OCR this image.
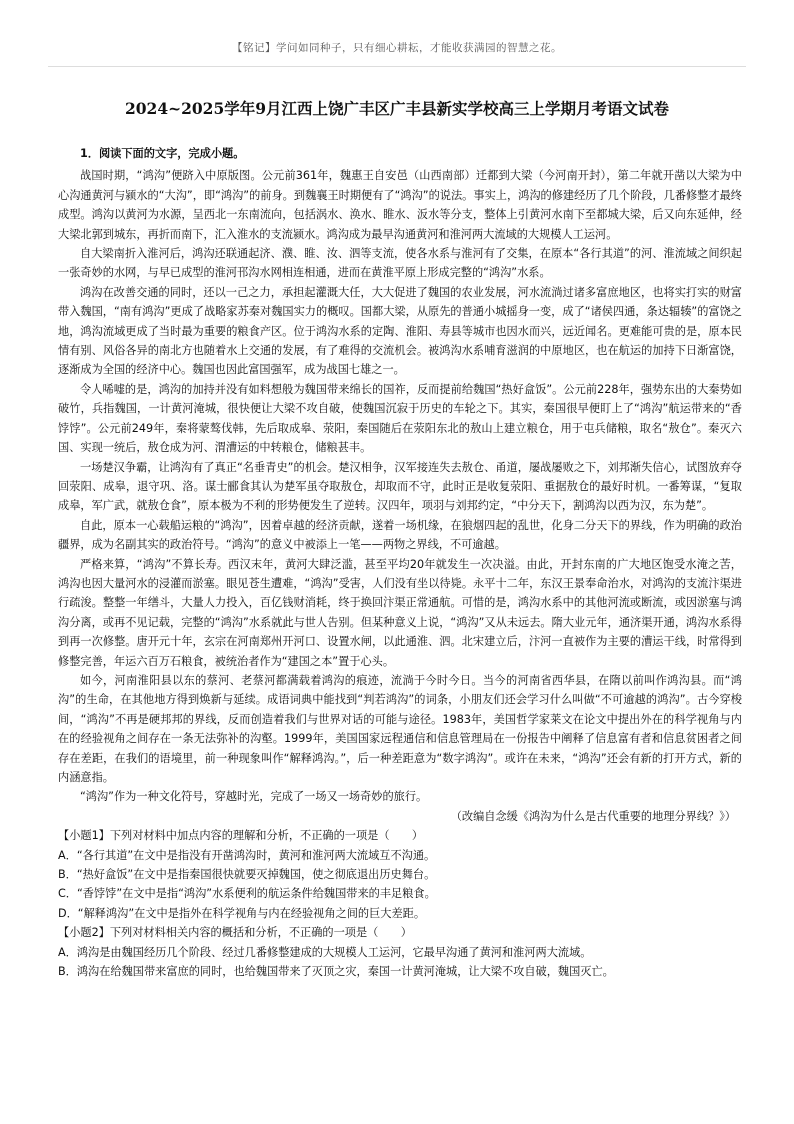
【铭记】学问如同种子，只有细心耕耘，才能收获满园的智慧之花。
2024~2025学年9月江西上饶广丰区广丰县新实学校高三上学期月考语文试卷

1．阅读下面的文字，完成小题。

战国时期，“鸿沟”便跻入中原版图。公元前361年，魏惠王自安邑（山西南部）迁都到大梁（今河南开封），第二年就开凿以大梁为中心沟通黄河与颍水的“大沟”，即“鸿沟”的前身。到魏襄王时期便有了“鸿沟”的说法。事实上，鸿沟的修建经历了几个阶段，几番修整才最终成型。鸿沟以黄河为水源，呈西北一东南流向，包括涡水、涣水、睢水、汳水等分支，整体上引黄河水南下至都城大梁，后又向东延伸，经大梁北郭到城东，再折而南下，汇入淮水的支流颍水。鸿沟成为最早沟通黄河和淮河两大流域的大规模人工运河。

自大梁南折入淮河后，鸿沟还联通起济、濮、睢、汝、泗等支流，使各水系与淮河有了交集，在原本“各行其道”的河、淮流域之间织起一张奇妙的水网，与早已成型的淮河邗沟水网相连相通，进而在黄淮平原上形成完整的“鸿沟”水系。

鸿沟在改善交通的同时，还以一己之力，承担起灌溉大任，大大促进了魏国的农业发展，河水流淌过诸多富庶地区，也将实打实的财富带入魏国，“南有鸿沟”更成了战略家苏秦对魏国实力的概叹。国都大梁，从原先的普通小城摇身一变，成了“诸侯四通，条达辐辏”的富饶之地，鸿沟流域更成了当时最为重要的粮食产区。位于鸿沟水系的定陶、淮阳、寿县等城市也因水而兴，远近闻名。更难能可贵的是，原本民情有别、风俗各异的南北方也随着水上交通的发展，有了难得的交流机会。被鸿沟水系哺育滋润的中原地区，也在航运的加持下日渐富饶，逐渐成为全国的经济中心。魏国也因此富国强军，成为战国七雄之一。

令人唏嘘的是，鸿沟的加持并没有如料想般为魏国带来绵长的国祚，反而提前给魏国“热好盒饭”。公元前228年，强势东出的大秦势如破竹，兵指魏国，一计黄河淹城，很快便让大梁不攻自破，使魏国沉寂于历史的车轮之下。其实，秦国很早便盯上了“鸿沟”航运带来的“香饽饽”。公元前249年，秦将蒙骜伐韩，先后取成皋、荥阳，秦国随后在荥阳东北的敖山上建立粮仓，用于屯兵储粮，取名“敖仓”。秦灭六国、实现一统后，敖仓成为河、渭漕运的中转粮仓，储粮甚丰。

一场楚汉争霸，让鸿沟有了真正“名垂青史”的机会。楚汉相争，汉军接连失去敖仓、甬道，屡战屡败之下，刘邦渐失信心，试图放弃夺回荥阳、成皋，退守巩、洛。谋士郦食其认为楚军虽夺取敖仓，却取而不守，此时正是收复荥阳、重据敖仓的最好时机。一番筹谋，“复取成皋，军广武，就敖仓食”，原本极为不利的形势便发生了逆转。汉四年，项羽与刘邦约定，“中分天下，割鸿沟以西为汉，东为楚”。

自此，原本一心载船运粮的“鸿沟”，因着卓越的经济贡献，遂着一场机缘，在狼烟四起的乱世，化身二分天下的界线，作为明确的政治疆界，成为名副其实的政治符号。“鸿沟”的意义中被添上一笔——两物之界线，不可逾越。

严格来算，“鸿沟”不算长寿。西汉末年，黄河大肆泛滥，甚至平均20年就发生一次决溢。由此，开封东南的广大地区饱受水淹之苦，鸿沟也因大量河水的浸灌而淤塞。眼见苍生遭难，“鸿沟”受害，人们没有坐以待毙。永平十二年，东汉王景奉命治水，对鸿沟的支流汴渠进行疏浚。整整一年缮斗，大量人力投入，百亿钱财消耗，终于换回汴渠正常通航。可惜的是，鸿沟水系中的其他河流或断流，或因淤塞与鸿沟分离，或再不见记载，完整的“鸿沟”水系就此与世人告别。但某种意义上说，“鸿沟”又从未远去。隋大业元年，通济渠开通，鸿沟水系得到再一次修整。唐开元十年，玄宗在河南郑州开河口、设置水闸，以此通淮、泗。北宋建立后，汴河一直被作为主要的漕运干线，时常得到修整完善，年运六百万石粮食，被统治者作为“建国之本”置于心头。

如今，河南淮阳县以东的蔡河、老蔡河都满载着鸿沟的痕迹，流淌于今时今日。当今的河南省西华县，在隋以前叫作鸿沟县。而“鸿沟”的生命，在其他地方得到焕新与延续。成语词典中能找到“判若鸿沟”的词条，小朋友们还会学习什么叫做“不可逾越的鸿沟”。古今穿梭间，“鸿沟”不再是硬邦邦的界线，反而创造着我们与世界对话的可能与途径。1983年，美国哲学家莱文在论文中提出外在的科学视角与内在的经验视角之间存在一条无法弥补的沟壑。1999年，美国国家远程通信和信息管理局在一份报告中阐释了信息富有者和信息贫困者之间存在差距，在我们的语境里，前一种现象叫作“解释鸿沟。”，后一种差距意为“数字鸿沟”。或许在未来，“鸿沟”还会有新的打开方式，新的内涵意指。

“鸿沟”作为一种文化符号，穿越时光，完成了一场又一场奇妙的旅行。

（改编自念缓《鸿沟为什么是古代重要的地理分界线？》）

【小题1】下列对材料中加点内容的理解和分析，不正确的一项是（　　）

A．“各行其道”在文中是指没有开凿鸿沟时，黄河和淮河两大流域互不沟通。

B．“热好盒饭”在文中是指秦国很快就要灭掉魏国，使之彻底退出历史舞台。

C．“香饽饽”在文中是指“鸿沟”水系便利的航运条件给魏国带来的丰足粮食。

D．“解释鸿沟”在文中是指外在科学视角与内在经验视角之间的巨大差距。

【小题2】下列对材料相关内容的概括和分析，不正确的一项是（　　）

A．鸿沟是由魏国经历几个阶段、经过几番修整建成的大规模人工运河，它最早沟通了黄河和淮河两大流域。

B．鸿沟在给魏国带来富庶的同时，也给魏国带来了灭顶之灾，秦国一计黄河淹城，让大梁不攻自破，魏国灭亡。
